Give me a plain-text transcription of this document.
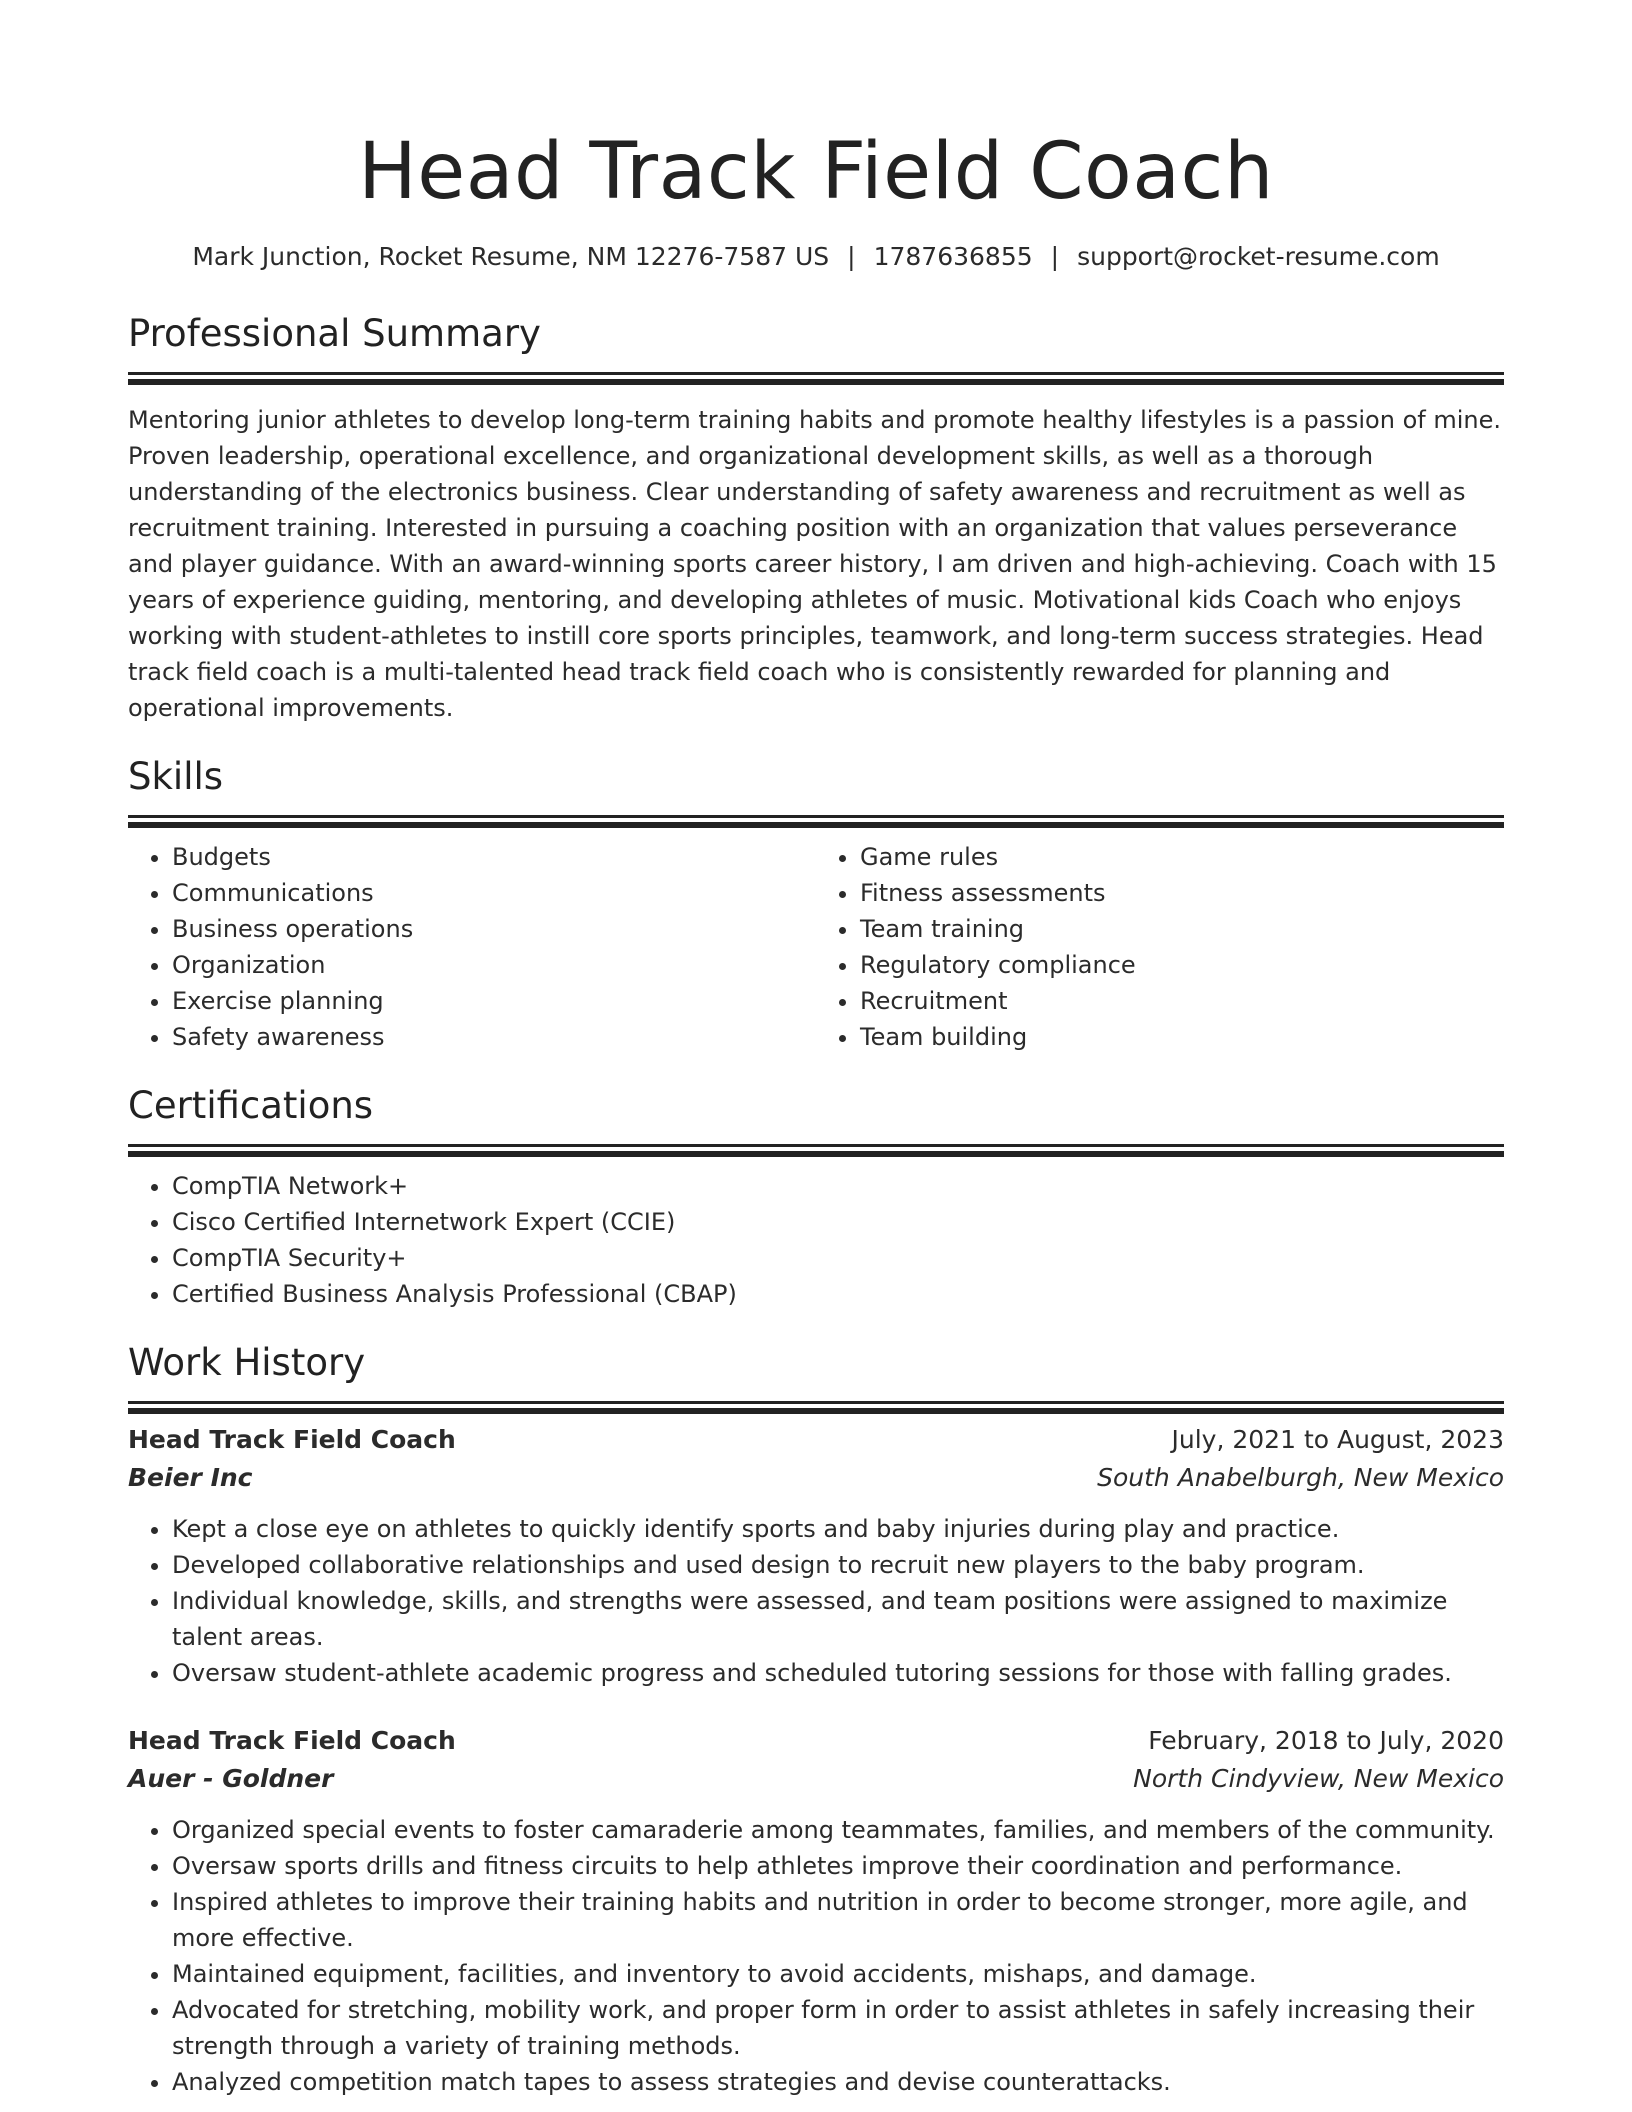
Head Track Field Coach
Mark Junction, Rocket Resume, NM 12276-7587 US | 1787636855 | support@rocket-resume.com
Professional Summary
Mentoring junior athletes to develop long-term training habits and promote healthy lifestyles is a passion of mine. Proven leadership, operational excellence, and organizational development skills, as well as a thorough understanding of the electronics business. Clear understanding of safety awareness and recruitment as well as recruitment training. Interested in pursuing a coaching position with an organization that values perseverance and player guidance. With an award-winning sports career history, I am driven and high-achieving. Coach with 15 years of experience guiding, mentoring, and developing athletes of music. Motivational kids Coach who enjoys working with student-athletes to instill core sports principles, teamwork, and long-term success strategies. Head track field coach is a multi-talented head track field coach who is consistently rewarded for planning and operational improvements.
Skills
• Budgets
• Communications
• Business operations
• Organization
• Exercise planning
• Safety awareness
• Game rules
• Fitness assessments
• Team training
• Regulatory compliance
• Recruitment
• Team building
Certifications
• CompTIA Network+
• Cisco Certified Internetwork Expert (CCIE)
• CompTIA Security+
• Certified Business Analysis Professional (CBAP)
Work History
Head Track Field Coach	July, 2021 to August, 2023
Beier Inc	South Anabelburgh, New Mexico
• Kept a close eye on athletes to quickly identify sports and baby injuries during play and practice.
• Developed collaborative relationships and used design to recruit new players to the baby program.
• Individual knowledge, skills, and strengths were assessed, and team positions were assigned to maximize talent areas.
• Oversaw student-athlete academic progress and scheduled tutoring sessions for those with falling grades.
Head Track Field Coach	February, 2018 to July, 2020
Auer - Goldner	North Cindyview, New Mexico
• Organized special events to foster camaraderie among teammates, families, and members of the community.
• Oversaw sports drills and fitness circuits to help athletes improve their coordination and performance.
• Inspired athletes to improve their training habits and nutrition in order to become stronger, more agile, and more effective.
• Maintained equipment, facilities, and inventory to avoid accidents, mishaps, and damage.
• Advocated for stretching, mobility work, and proper form in order to assist athletes in safely increasing their strength through a variety of training methods.
• Analyzed competition match tapes to assess strategies and devise counterattacks.
